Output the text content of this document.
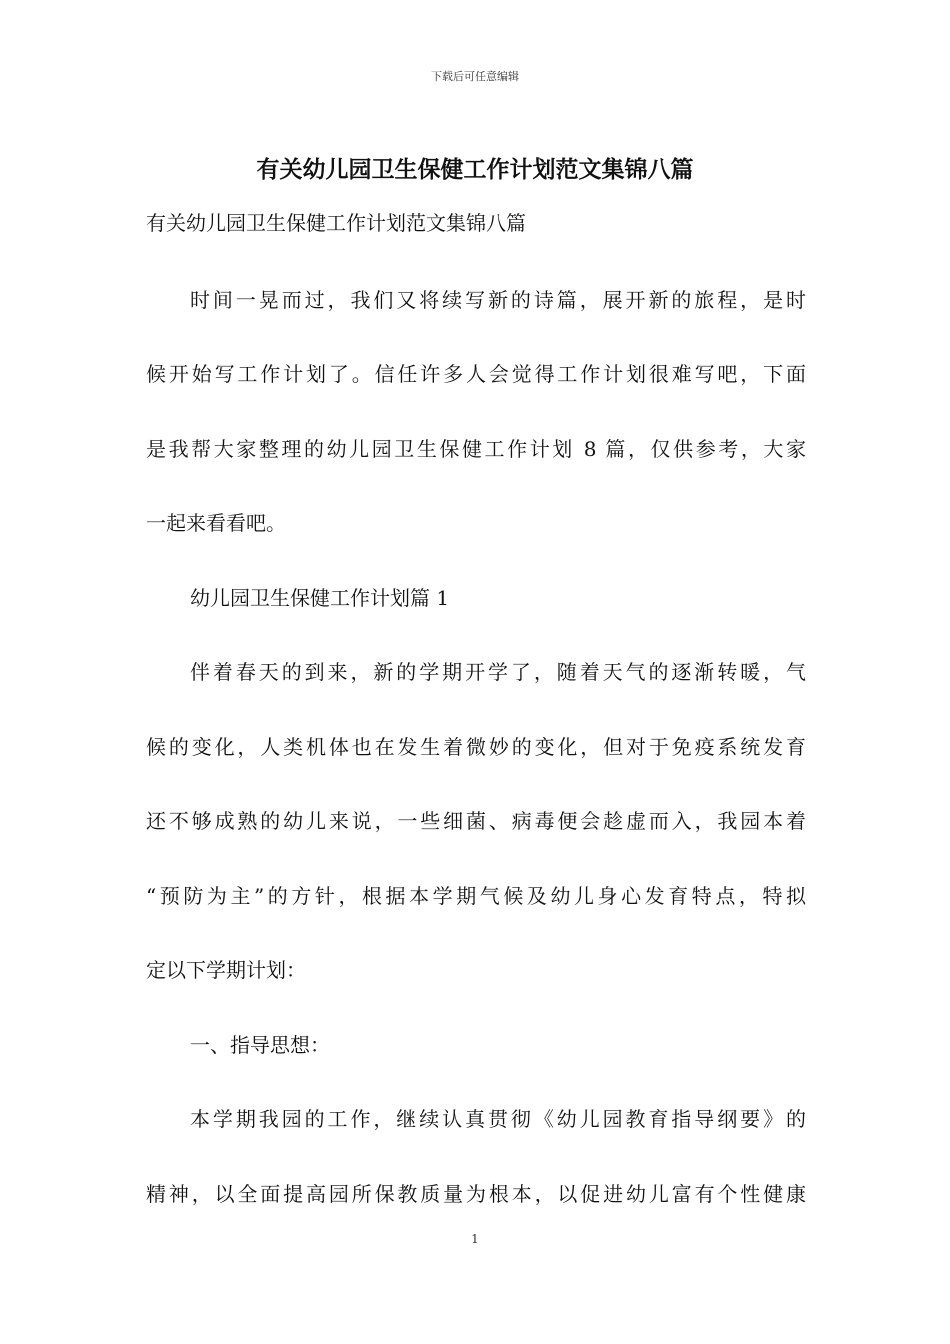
下载后可任意编辑
有关幼儿园卫生保健工作计划范文集锦八篇
有关幼儿园卫生保健工作计划范文集锦八篇
时间一晃而过，我们又将续写新的诗篇，展开新的旅程，是时
候开始写工作计划了。信任许多人会觉得工作计划很难写吧，下面
是我帮大家整理的幼儿园卫生保健工作计划 8 篇，仅供参考，大家
一起来看看吧。
幼儿园卫生保健工作计划篇 1
伴着春天的到来，新的学期开学了，随着天气的逐渐转暖，气
候的变化，人类机体也在发生着微妙的变化，但对于免疫系统发育
还不够成熟的幼儿来说，一些细菌、病毒便会趁虚而入，我园本着
“预防为主”的方针，根据本学期气候及幼儿身心发育特点，特拟
定以下学期计划：
一、指导思想：
本学期我园的工作，继续认真贯彻《幼儿园教育指导纲要》的
精神，以全面提高园所保教质量为根本，以促进幼儿富有个性健康
1
